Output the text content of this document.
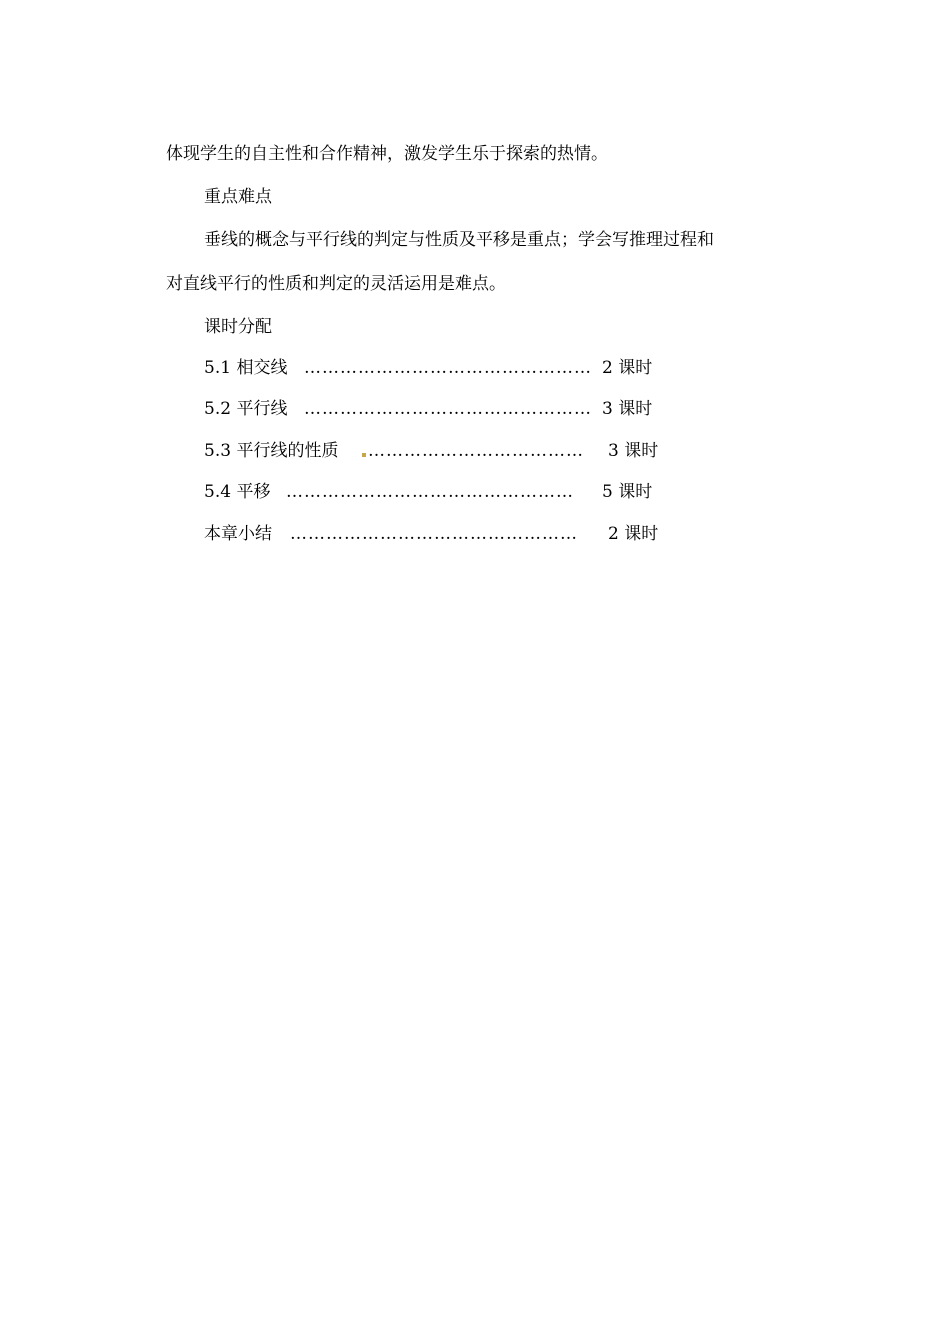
体现学生的自主性和合作精神，激发学生乐于探索的热情。
重点难点
垂线的概念与平行线的判定与性质及平移是重点；学会写推理过程和
对直线平行的性质和判定的灵活运用是难点。
课时分配
5.1 相交线 ………………………………………… 2 课时
5.2 平行线 ………………………………………… 3 课时
5.3 平行线的性质 ………………………………	3 课时
5.4 平移 …………………………………………	5 课时
本章小结 …………………………………………	2 课时
